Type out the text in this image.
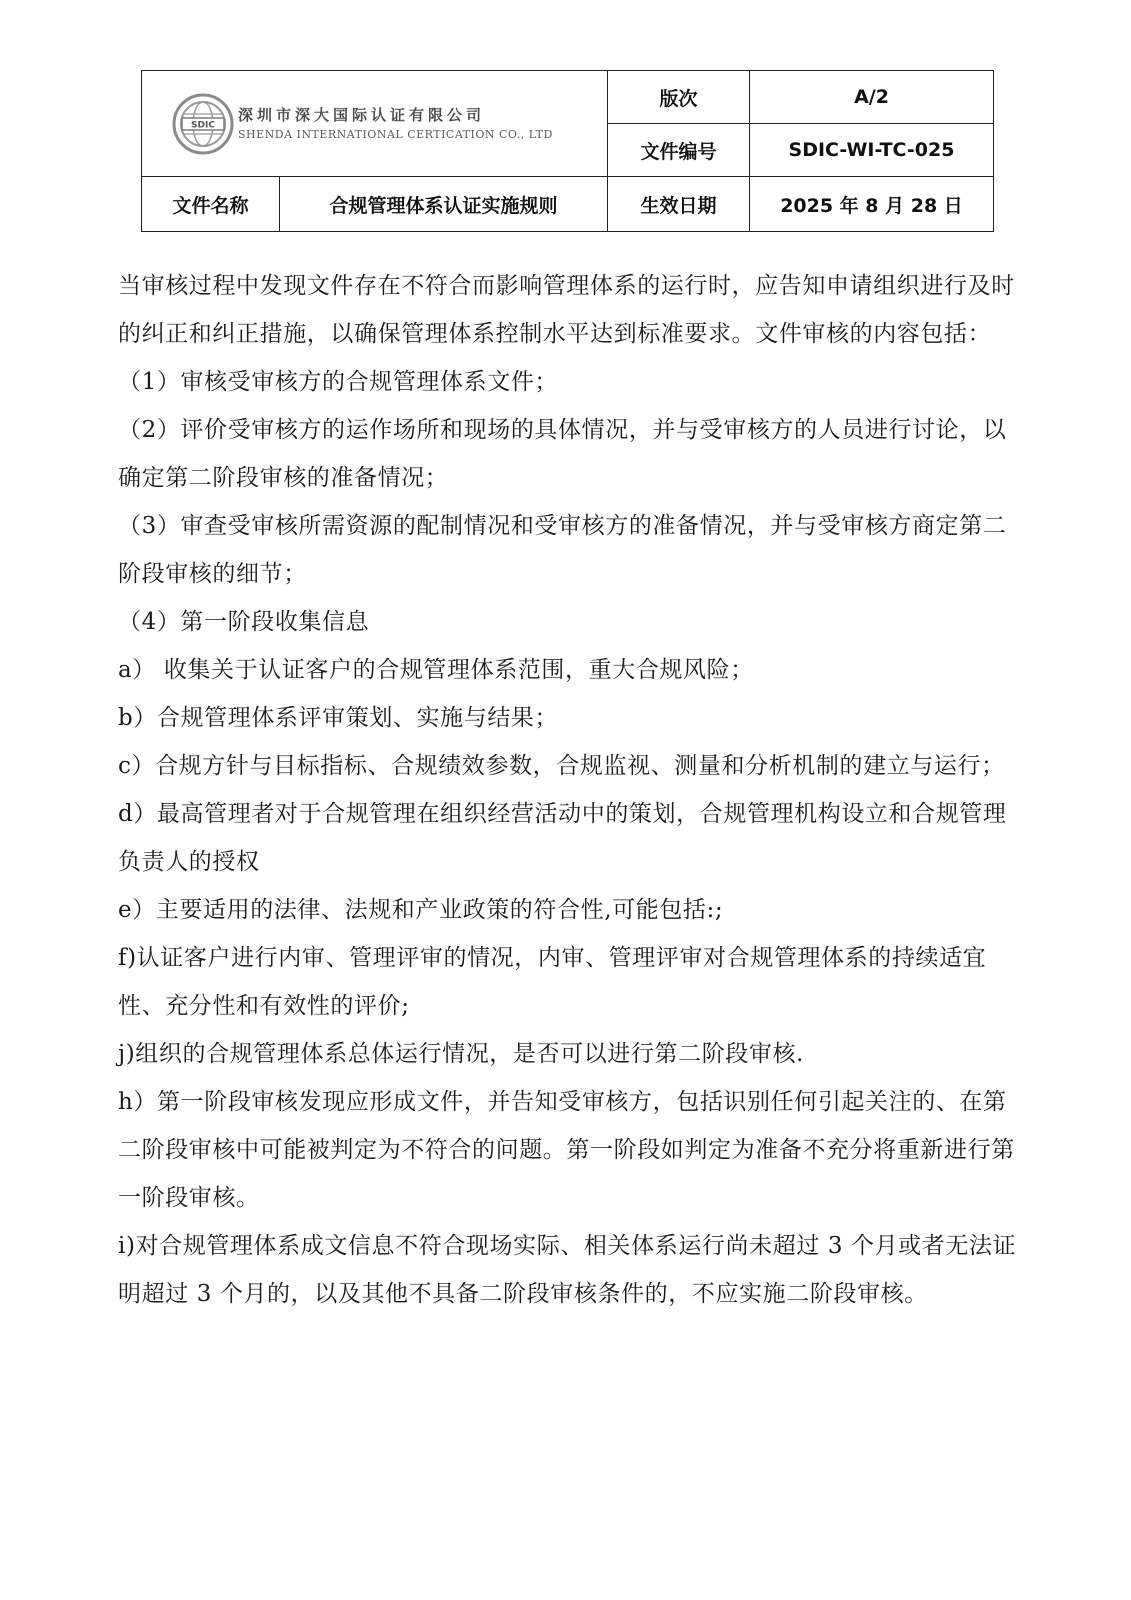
SDIC
深圳市深大国际认证有限公司
SHENDA INTERNATIONAL CERTICATION CO., LTD		版次	A/2
		文件编号	SDIC-WI-TC-025
文件名称	合规管理体系认证实施规则	生效日期	2025 年 8 月 28 日

当审核过程中发现文件存在不符合而影响管理体系的运行时，应告知申请组织进行及时的纠正和纠正措施，以确保管理体系控制水平达到标准要求。文件审核的内容包括：

（1）审核受审核方的合规管理体系文件；

（2）评价受审核方的运作场所和现场的具体情况，并与受审核方的人员进行讨论，以确定第二阶段审核的准备情况；

（3）审查受审核所需资源的配制情况和受审核方的准备情况，并与受审核方商定第二阶段审核的细节；

（4）第一阶段收集信息

a） 收集关于认证客户的合规管理体系范围，重大合规风险；

b）合规管理体系评审策划、实施与结果；

c）合规方针与目标指标、合规绩效参数，合规监视、测量和分析机制的建立与运行；

d）最高管理者对于合规管理在组织经营活动中的策划，合规管理机构设立和合规管理负责人的授权

e）主要适用的法律、法规和产业政策的符合性,可能包括:;

f)认证客户进行内审、管理评审的情况，内审、管理评审对合规管理体系的持续适宜性、充分性和有效性的评价;

j)组织的合规管理体系总体运行情况，是否可以进行第二阶段审核.

h）第一阶段审核发现应形成文件，并告知受审核方，包括识别任何引起关注的、在第二阶段审核中可能被判定为不符合的问题。第一阶段如判定为准备不充分将重新进行第一阶段审核。

i)对合规管理体系成文信息不符合现场实际、相关体系运行尚未超过 3 个月或者无法证明超过 3 个月的，以及其他不具备二阶段审核条件的，不应实施二阶段审核。
